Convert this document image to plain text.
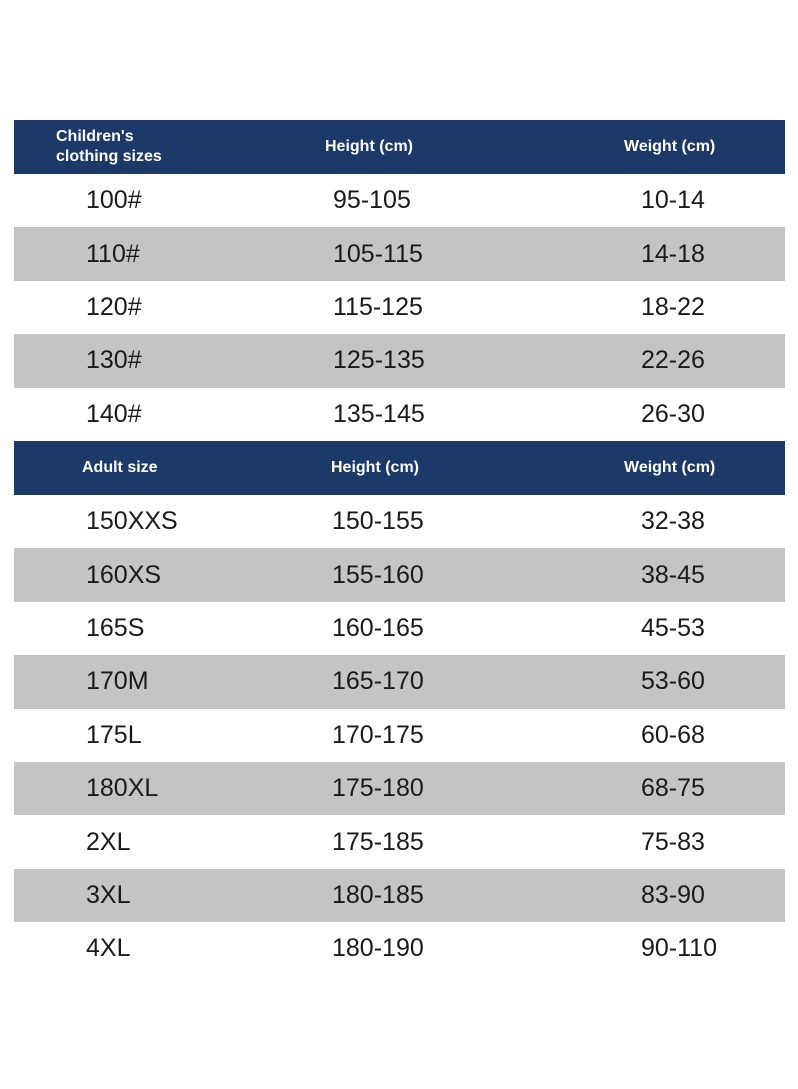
Children's
clothing sizes
Height (cm)	Weight (cm)
100#	95-105	10-14
110#	105-115	14-18
120#	115-125	18-22
130#	125-135	22-26
140#	135-145	26-30
Adult size	Height (cm)	Weight (cm)
150XXS	150-155	32-38
160XS	155-160	38-45
165S	160-165	45-53
170M	165-170	53-60
175L	170-175	60-68
180XL	175-180	68-75
2XL	175-185	75-83
3XL	180-185	83-90
4XL	180-190	90-110
